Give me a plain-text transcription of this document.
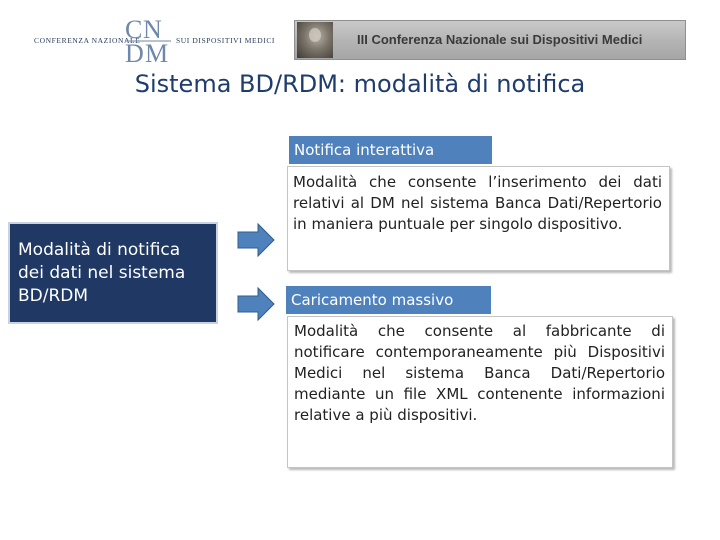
CONFERENZA NAZIONALE
C N
D M SUI DISPOSITIVI MEDICI	III Conferenza Nazionale sui Dispositivi Medici
Sistema BD/RDM: modalità di notifica
Modalità di notifica
dei dati nel sistema
BD/RDM
Notifica interattiva
Modalità che consente l’inserimento dei dati relativi al DM nel sistema Banca Dati/Repertorio in maniera puntuale per singolo dispositivo.
Caricamento massivo
Modalità che consente al fabbricante di notificare contemporaneamente più Dispositivi Medici nel sistema Banca Dati/Repertorio mediante un file XML contenente informazioni relative a più dispositivi.
